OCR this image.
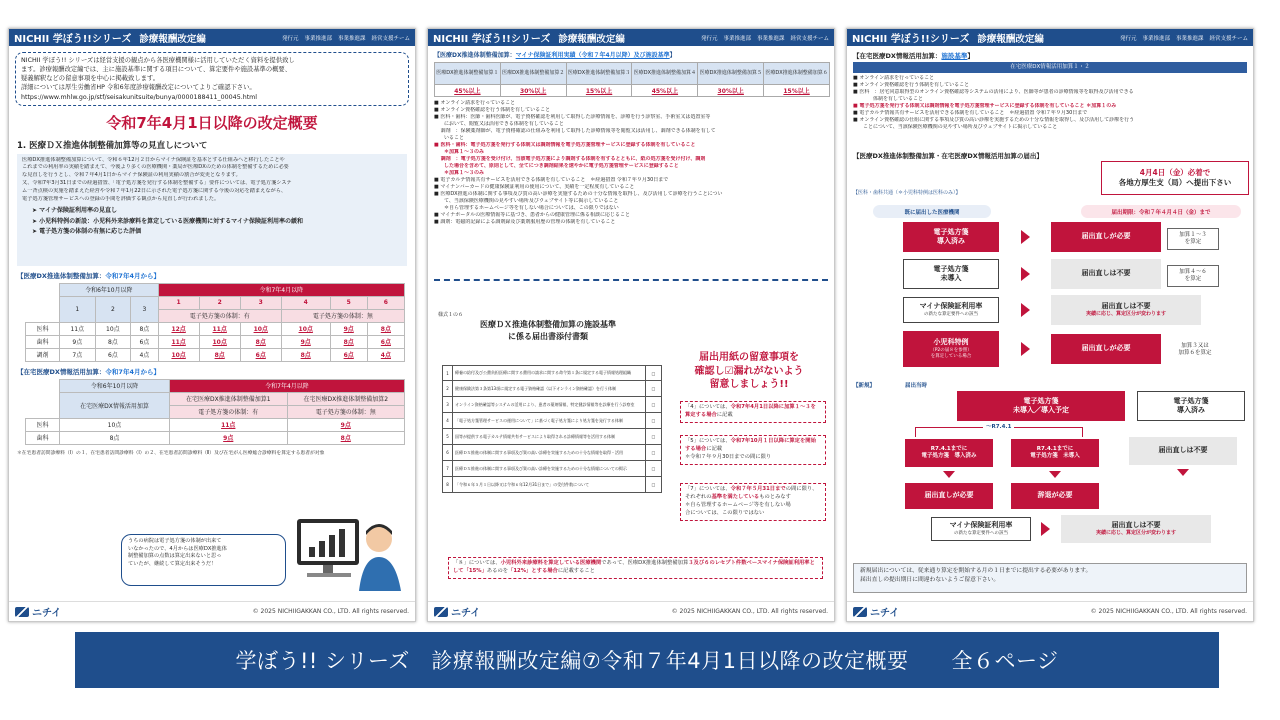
NICHII 学ぼう!!シリーズ 診療報酬改定編	発行元 事業推進部 事業推進課 経営支援チーム
NICHII 学ぼう!! シリーズは経営支援の観点から各医療機関様に活用していただく資料を提供致し
ます。診療報酬改定編では、主に施設基準に関する項目について、算定要件や施設基準の概要、
疑義解釈などの留意事項を中心に掲載致します。
詳細については厚生労働省HP 令和6年度診療報酬改定についてよりご確認下さい。
https://www.mhlw.go.jp/stf/seisakunitsuite/bunya/0000188411_00045.html
令和7年4月1日以降の改定概要
1. 医療ＤＸ推進体制整備加算等の見直しについて
医療DX推進体制整備加算について、令和６年12月２日からマイナ保険証を基本とする仕組みへと移行したことや
これまでの利用率の実績を踏まえて、今後より多くの医療機関・薬局が医療DXのための体制を整備するために必要
な見直しを行うとし、令和７年4月1日からマイナ保険証の利用実績の割合が変更となります。
又、令和7年3月31日までの経過措置、「電子処方箋を発行する体制を整備する」要件については、電子処方箋システ
ム一斉点検の実施を踏まえた経営や令和７年1月22日に示された電子処方箋に関する今後の対応を踏まえながら、
電子処方箋管理サービスへの登録の手間を評価する観点から見直しが行われました。
➤ マイナ保険証利用率の見直し
➤ 小児科特例の新設：小児科外来診療料を算定している医療機関に対するマイナ保険証利用率の緩和
➤ 電子処方箋の体制の有無に応じた評価
【医療DX推進体制整備加算：令和7年4月から】
	令和6年10月以降			令和7年4月以降					
	1	2	3	1	2	3	4	5	6
				電子処方箋の体制：有			電子処方箋の体制：無		
医科	11点	10点	8点	12点	11点	10点	10点	9点	8点
歯科	9点	8点	6点	11点	10点	8点	9点	8点	6点
調剤	7点	6点	4点	10点	8点	6点	8点	6点	4点
【在宅医療DX情報活用加算：令和7年4月から】
	令和6年10月以降	令和7年4月以降	
	在宅医療DX情報活用加算	在宅医療DX推進体制整備加算1	在宅医療DX推進体制整備加算2
		電子処方箋の体制：有	電子処方箋の体制：無
医科	10点	11点	9点
歯科	8点	9点	8点
＊在宅患者訪問診療料（Ⅰ）の１、在宅患者訪問診療料（Ⅰ）の２、在宅患者訪問診療料（Ⅱ）及び在宅がん医療総合診療料を算定する患者が対象
うちの病院は電子処方箋の体制が出来て
いなかったので、4月からは医療DX推進体
制整備加算の点数は算定出来ないと思っ
ていたが、継続して算定出来そうだ！
ニチイ	© 2025 NICHIIGAKKAN CO., LTD. All rights reserved.
NICHII 学ぼう!!シリーズ 診療報酬改定編	発行元 事業推進部 事業推進課 経営支援チーム
【医療DX推進体制整備加算：マイナ保険証利用実績（令和７年4月以降）及び施設基準】
医療DX推進体制整備加算１	医療DX推進体制整備加算２	医療DX推進体制整備加算３	医療DX推進体制整備加算４	医療DX推進体制整備加算５	医療DX推進体制整備加算６
45%以上	30%以上	15%以上	45%以上	30%以上	15%以上
■ オンライン請求を行っていること
■ オンライン資格確認を行う体制を有していること
■ 医科・歯科：医師・歯科医師が、電子資格確認を利用して取得した診療情報を、診療を行う診察室、手術室又は処置室等
　　において、閲覧又は活用できる体制を有していること
　 調剤　：保険薬剤師が、電子資格確認の仕組みを利用して取得した診療情報等を閲覧又は活用し、調剤できる体制を有して
　　いること
■ 医科・歯科：電子処方箋を発行する体制又は調剤情報を電子処方箋管理サービスに登録する体制を有していること
　　＊加算１〜３のみ
　 調剤　：電子処方箋を受け付け、当該電子処方箋により調剤する体制を有するとともに、紙の処方箋を受け付け、調剤
　　した場合を含めて、原則として、全てにつき調剤結果を速やかに電子処方箋管理サービスに登録すること
　　＊加算１〜３のみ
■ 電子カルテ情報共有サービスを活用できる体制を有していること　＊経過措置 令和７年９月30日まで
■ マイナンバーカードの健康保険証利用の使用について、実績を一定程度有していること
■ 医療DX推進の体制に関する事項及び質の高い診療を実施するための十分な情報を取得し、及び活用して診療を行うことについ
　　て、当該保険医療機関の見やすい場所及びウェブサイト等に掲示していること
　　＊自ら管理するホームページ等を有しない場合については、この限りではない
■ マイナポータルの医療情報等に基づき、患者からの健康管理に係る相談に応じること
■ 調剤：電磁的記録による調剤録及び薬剤服用歴の管理の体制を有していること
様式１の６
医療ＤＸ推進体制整備加算の施設基準
に係る届出書添付書類
1	療養の給付及び公費負担医療に関する費用の請求に関する命令第１条に規定する電子情報処理組織	□
2	健康保険法第３条第13項に規定する電子資格確認（以下オンライン資格確認）を行う体制	□
3	オンライン資格確認等システムの活用により、患者の薬剤情報、特定健診情報等を診療を行う診察室	□
4	「電子処方箋管理サービスの運用について」に基づく電子処方箋により処方箋を発行する体制	□
5	国等が提供する電子カルテ情報共有サービスにより取得される診療情報等を活用する体制	□
6	医療ＤＸ推進の体制に関する事項及び質の高い診療を実施するための十分な情報を取得・活用	□
7	医療ＤＸ推進の体制に関する事項及び質の高い診療を実施するための十分な情報についての掲示	□
8	「令和６年５月１日以降又は令和６年12月31日まで」の受付件数について	□
届出用紙の留意事項を
確認し☑漏れがないよう
留意しましょう!!
「4」については、令和7年4月1日以降に加算１〜３を算定する場合に記載
「5」については、令和7年10月１日以降に算定を開始する場合に記載
＊令和７年９月30日までの間に限り
「7」については、令和７年５月31日までの間に限り、それぞれの基準を満たしているものとみなす
＊自ら管理するホームページ等を有しない場
合については、この限りではない
「８」については、小児科外来診療料を算定している医療機関であって、医療DX推進体制整備加算３及び６のレセプト件数ベースマイナ保険証利用率として「15%」あるのを「12%」とする場合に記載すること
ニチイ	© 2025 NICHIIGAKKAN CO., LTD. All rights reserved.
NICHII 学ぼう!!シリーズ 診療報酬改定編	発行元 事業推進部 事業推進課 経営支援チーム
【在宅医療DX情報活用加算：施設基準】
在宅医療DX情報活用加算１・２
■ オンライン請求を行っていること
■ オンライン資格確認を行う体制を有していること
■ 医科　：居宅同意取得型のオンライン資格確認等システムの活用により、医師等が患者の診療情報等を取得及び活用できる
　　　　体制を有していること
■ 電子処方箋を発行する体制又は調剤情報を電子処方箋管理サービスに登録する体制を有していること ＊加算１のみ
■ 電子カルテ情報共有サービスを活用できる体制を有していること　＊経過措置 令和７年９月30日まで
■ オンライン資格確認の仕組に関する事項及び質の高い診療を実施するための十分な情報を取得し、及び活用して診療を行う
　　ことについて、当該保険医療機関の見やすい場所及びウェブサイトに掲示していること
【医療DX推進体制整備加算・在宅医療DX情報活用加算の届出】
4月4日（金）必着で
各地方厚生支（局）へ提出下さい
【医科・歯科共通（＊小児科特例は医科のみ）】
既に届出した医療機関	届出期限：令和７年４月４日（金）まで
電子処方箋
導入済み
電子処方箋
未導入
マイナ保険証利用率
の新たな算定要件への該当
小児科特例
（P2の届８を参照）
を算定している場合
届出直しが必要
届出直しは不要
届出直しは不要
実績に応じ、算定区分が変わります
届出直しが必要
加算１〜３
を算定
加算４〜６
を算定
加算３又は
加算６を算定
【新規】	届出当時
電子処方箋
未導入／導入予定
電子処方箋
導入済み
〜R7.4.1
R7.4.1までに
電子処方箋　導入済み
R7.4.1までに
電子処方箋　未導入
届出直しは不要
届出直しが必要	辞退が必要
マイナ保険証利用率
の新たな算定要件への該当
届出直しは不要
実績に応じ、算定区分が変わります
新規届出については、従来通り算定を開始する月の１日までに提出する必要があります。
届出直しの提出期日に間違わないようご留意下さい。
ニチイ	© 2025 NICHIIGAKKAN CO., LTD. All rights reserved.
学ぼう!! シリーズ　診療報酬改定編⑦令和７年4月1日以降の改定概要　　全６ページ
